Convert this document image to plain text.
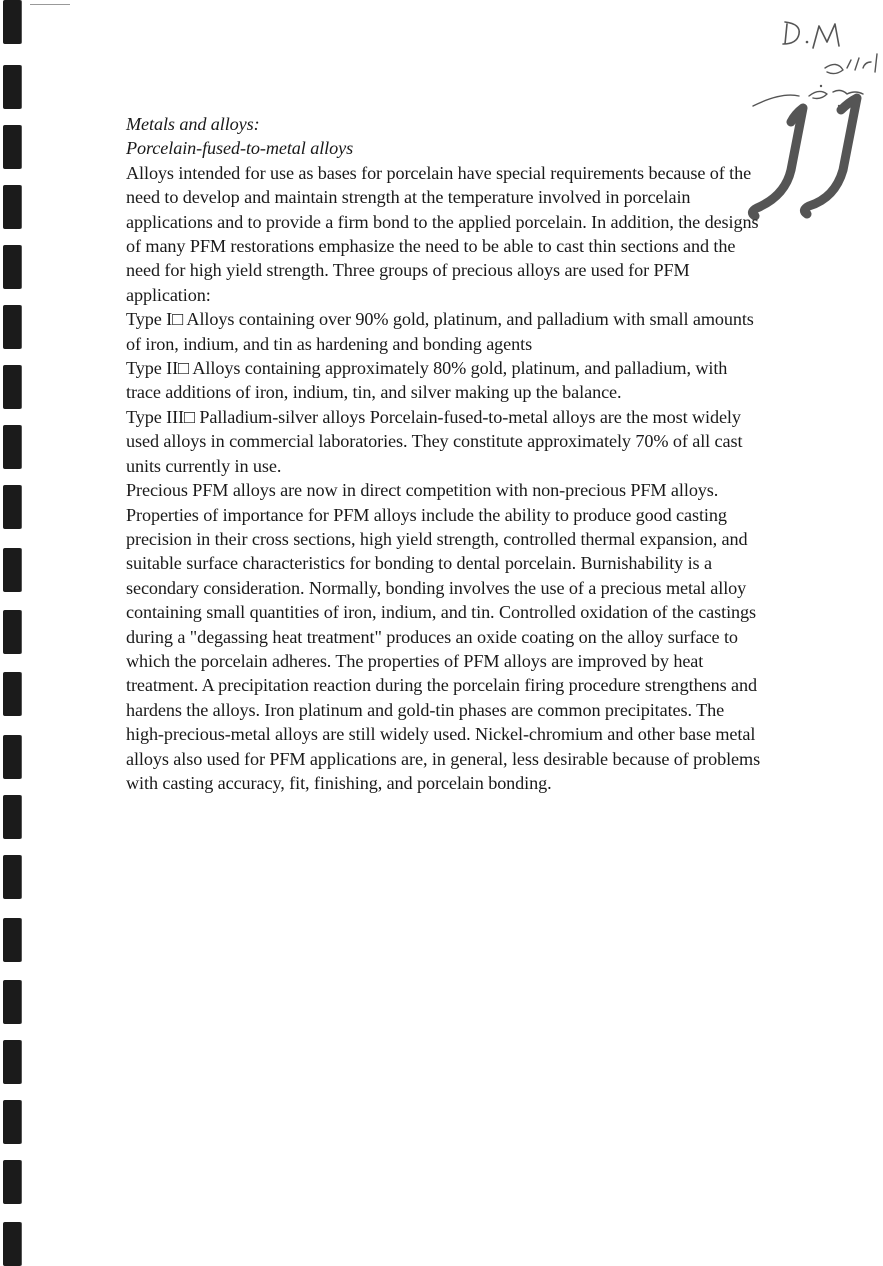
Metals and alloys:

Porcelain-fused-to-metal alloys

Alloys intended for use as bases for porcelain have special requirements because of the need to develop and maintain strength at the temperature involved in porcelain applications and to provide a firm bond to the applied porcelain. In addition, the designs of many PFM restorations emphasize the need to be able to cast thin sections and the need for high yield strength. Three groups of precious alloys are used for PFM application:

Type I□ Alloys containing over 90% gold, platinum, and palladium with small amounts of iron, indium, and tin as hardening and bonding agents

Type II□ Alloys containing approximately 80% gold, platinum, and palladium, with trace additions of iron, indium, tin, and silver making up the balance.

Type III□ Palladium-silver alloys Porcelain-fused-to-metal alloys are the most widely used alloys in commercial laboratories. They constitute approximately 70% of all cast units currently in use.

Precious PFM alloys are now in direct competition with non-precious PFM alloys. Properties of importance for PFM alloys include the ability to produce good casting precision in their cross sections, high yield strength, controlled thermal expansion, and suitable surface characteristics for bonding to dental porcelain. Burnishability is a secondary consideration. Normally, bonding involves the use of a precious metal alloy containing small quantities of iron, indium, and tin. Controlled oxidation of the castings during a "degassing heat treatment" produces an oxide coating on the alloy surface to which the porcelain adheres. The properties of PFM alloys are improved by heat treatment. A precipitation reaction during the porcelain firing procedure strengthens and hardens the alloys. Iron platinum and gold-tin phases are common precipitates. The high-precious-metal alloys are still widely used. Nickel-chromium and other base metal alloys also used for PFM applications are, in general, less desirable because of problems with casting accuracy, fit, finishing, and porcelain bonding.
